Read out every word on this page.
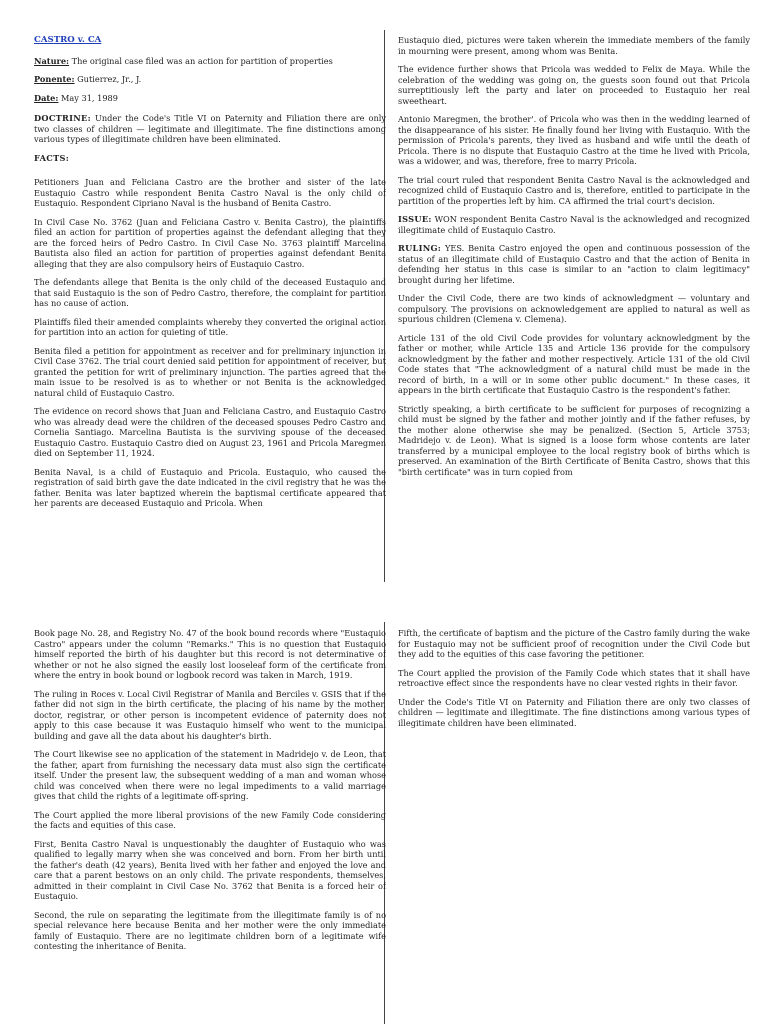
CASTRO v. CA

Nature: The original case filed was an action for partition of properties

Ponente: Gutierrez, Jr., J.

Date: May 31, 1989

DOCTRINE: Under the Code's Title VI on Paternity and Filiation there are only two classes of children — legitimate and illegitimate. The fine distinctions among various types of illegitimate children have been eliminated.

FACTS:

Petitioners Juan and Feliciana Castro are the brother and sister of the late Eustaquio Castro while respondent Benita Castro Naval is the only child of Eustaquio. Respondent Cipriano Naval is the husband of Benita Castro.

In Civil Case No. 3762 (Juan and Feliciana Castro v. Benita Castro), the plaintiffs filed an action for partition of properties against the defendant alleging that they are the forced heirs of Pedro Castro. In Civil Case No. 3763 plaintiff Marcelina Bautista also filed an action for partition of properties against defendant Benita alleging that they are also compulsory heirs of Eustaquio Castro.

The defendants allege that Benita is the only child of the deceased Eustaquio and that said Eustaquio is the son of Pedro Castro, therefore, the complaint for partition has no cause of action.

Plaintiffs filed their amended complaints whereby they converted the original action for partition into an action for quieting of title.

Benita filed a petition for appointment as receiver and for preliminary injunction in Civil Case 3762. The trial court denied said petition for appointment of receiver, but granted the petition for writ of preliminary injunction. The parties agreed that the main issue to be resolved is as to whether or not Benita is the acknowledged natural child of Eustaquio Castro.

The evidence on record shows that Juan and Feliciana Castro, and Eustaquio Castro who was already dead were the children of the deceased spouses Pedro Castro and Cornelia Santiago. Marcelina Bautista is the surviving spouse of the deceased Eustaquio Castro. Eustaquio Castro died on August 23, 1961 and Pricola Maregmen died on September 11, 1924.

Benita Naval, is a child of Eustaquio and Pricola. Eustaquio, who caused the registration of said birth gave the date indicated in the civil registry that he was the father. Benita was later baptized wherein the baptismal certificate appeared that her parents are deceased Eustaquio and Pricola. When

Eustaquio died, pictures were taken wherein the immediate members of the family in mourning were present, among whom was Benita.

The evidence further shows that Pricola was wedded to Felix de Maya. While the celebration of the wedding was going on, the guests soon found out that Pricola surreptitiously left the party and later on proceeded to Eustaquio her real sweetheart.

Antonio Maregmen, the brother'. of Pricola who was then in the wedding learned of the disappearance of his sister. He finally found her living with Eustaquio. With the permission of Pricola's parents, they lived as husband and wife until the death of Pricola. There is no dispute that Eustaquio Castro at the time he lived with Pricola, was a widower, and was, therefore, free to marry Pricola.

The trial court ruled that respondent Benita Castro Naval is the acknowledged and recognized child of Eustaquio Castro and is, therefore, entitled to participate in the partition of the properties left by him. CA affirmed the trial court's decision.

ISSUE: WON respondent Benita Castro Naval is the acknowledged and recognized illegitimate child of Eustaquio Castro.

RULING: YES. Benita Castro enjoyed the open and continuous possession of the status of an illegitimate child of Eustaquio Castro and that the action of Benita in defending her status in this case is similar to an "action to claim legitimacy" brought during her lifetime.

Under the Civil Code, there are two kinds of acknowledgment — voluntary and compulsory. The provisions on acknowledgement are applied to natural as well as spurious children (Clemena v. Clemena).

Article 131 of the old Civil Code provides for voluntary acknowledgment by the father or mother, while Article 135 and Article 136 provide for the compulsory acknowledgment by the father and mother respectively. Article 131 of the old Civil Code states that "The acknowledgment of a natural child must be made in the record of birth, in a will or in some other public document." In these cases, it appears in the birth certificate that Eustaquio Castro is the respondent's father.

Strictly speaking, a birth certificate to be sufficient for purposes of recognizing a child must be signed by the father and mother jointly and if the father refuses, by the mother alone otherwise she may be penalized. (Section 5, Article 3753; Madridejo v. de Leon). What is signed is a loose form whose contents are later transferred by a municipal employee to the local registry book of births which is preserved. An examination of the Birth Certificate of Benita Castro, shows that this "birth certificate" was in turn copied from

Book page No. 28, and Registry No. 47 of the book bound records where "Eustaquio Castro" appears under the column "Remarks." This is no question that Eustaquio himself reported the birth of his daughter but this record is not determinative of whether or not he also signed the easily lost looseleaf form of the certificate from where the entry in book bound or logbook record was taken in March, 1919.

The ruling in Roces v. Local Civil Registrar of Manila and Berciles v. GSIS that if the father did not sign in the birth certificate, the placing of his name by the mother, doctor, registrar, or other person is incompetent evidence of paternity does not apply to this case because it was Eustaquio himself who went to the municipal building and gave all the data about his daughter's birth.

The Court likewise see no application of the statement in Madridejo v. de Leon, that the father, apart from furnishing the necessary data must also sign the certificate itself. Under the present law, the subsequent wedding of a man and woman whose child was conceived when there were no legal impediments to a valid marriage gives that child the rights of a legitimate off-spring.

The Court applied the more liberal provisions of the new Family Code considering the facts and equities of this case.

First, Benita Castro Naval is unquestionably the daughter of Eustaquio who was qualified to legally marry when she was conceived and born. From her birth until the father's death (42 years), Benita lived with her father and enjoyed the love and care that a parent bestows on an only child. The private respondents, themselves, admitted in their complaint in Civil Case No. 3762 that Benita is a forced heir of Eustaquio.

Second, the rule on separating the legitimate from the illegitimate family is of no special relevance here because Benita and her mother were the only immediate family of Eustaquio. There are no legitimate children born of a legitimate wife contesting the inheritance of Benita.

Fifth, the certificate of baptism and the picture of the Castro family during the wake for Eustaquio may not be sufficient proof of recognition under the Civil Code but they add to the equities of this case favoring the petitioner.

The Court applied the provision of the Family Code which states that it shall have retroactive effect since the respondents have no clear vested rights in their favor.

Under the Code's Title VI on Paternity and Filiation there are only two classes of children — legitimate and illegitimate. The fine distinctions among various types of illegitimate children have been eliminated.
